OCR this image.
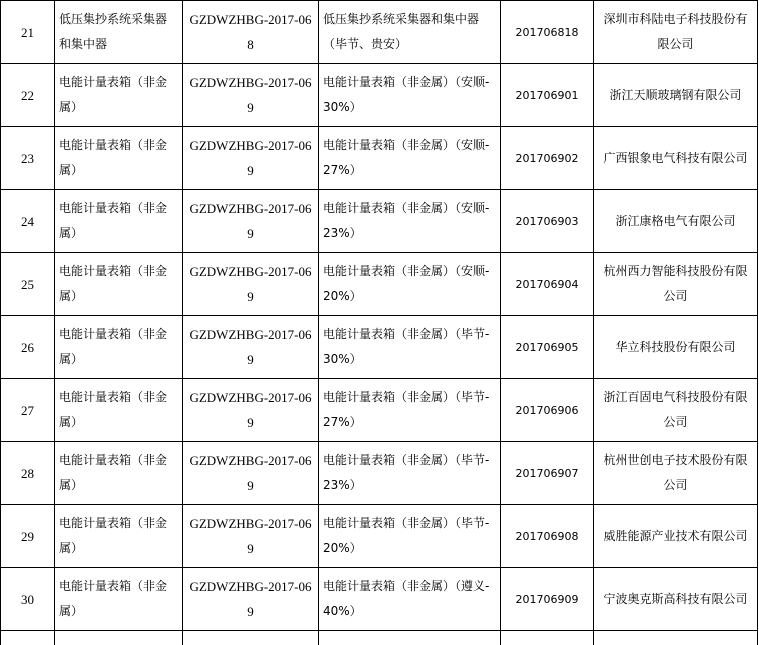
21	低压集抄系统采集器和集中器	GZDWZHBG-2017-068	低压集抄系统采集器和集中器（毕节、贵安）	201706818	深圳市科陆电子科技股份有限公司
22	电能计量表箱（非金属）	GZDWZHBG-2017-069	电能计量表箱（非金属）（安顺-30%）	201706901	浙江天顺玻璃钢有限公司
23	电能计量表箱（非金属）	GZDWZHBG-2017-069	电能计量表箱（非金属）（安顺-27%）	201706902	广西银象电气科技有限公司
24	电能计量表箱（非金属）	GZDWZHBG-2017-069	电能计量表箱（非金属）（安顺-23%）	201706903	浙江康格电气有限公司
25	电能计量表箱（非金属）	GZDWZHBG-2017-069	电能计量表箱（非金属）（安顺-20%）	201706904	杭州西力智能科技股份有限公司
26	电能计量表箱（非金属）	GZDWZHBG-2017-069	电能计量表箱（非金属）（毕节-30%）	201706905	华立科技股份有限公司
27	电能计量表箱（非金属）	GZDWZHBG-2017-069	电能计量表箱（非金属）（毕节-27%）	201706906	浙江百固电气科技股份有限公司
28	电能计量表箱（非金属）	GZDWZHBG-2017-069	电能计量表箱（非金属）（毕节-23%）	201706907	杭州世创电子技术股份有限公司
29	电能计量表箱（非金属）	GZDWZHBG-2017-069	电能计量表箱（非金属）（毕节-20%）	201706908	威胜能源产业技术有限公司
30	电能计量表箱（非金属）	GZDWZHBG-2017-069	电能计量表箱（非金属）（遵义-40%）	201706909	宁波奥克斯高科技有限公司
